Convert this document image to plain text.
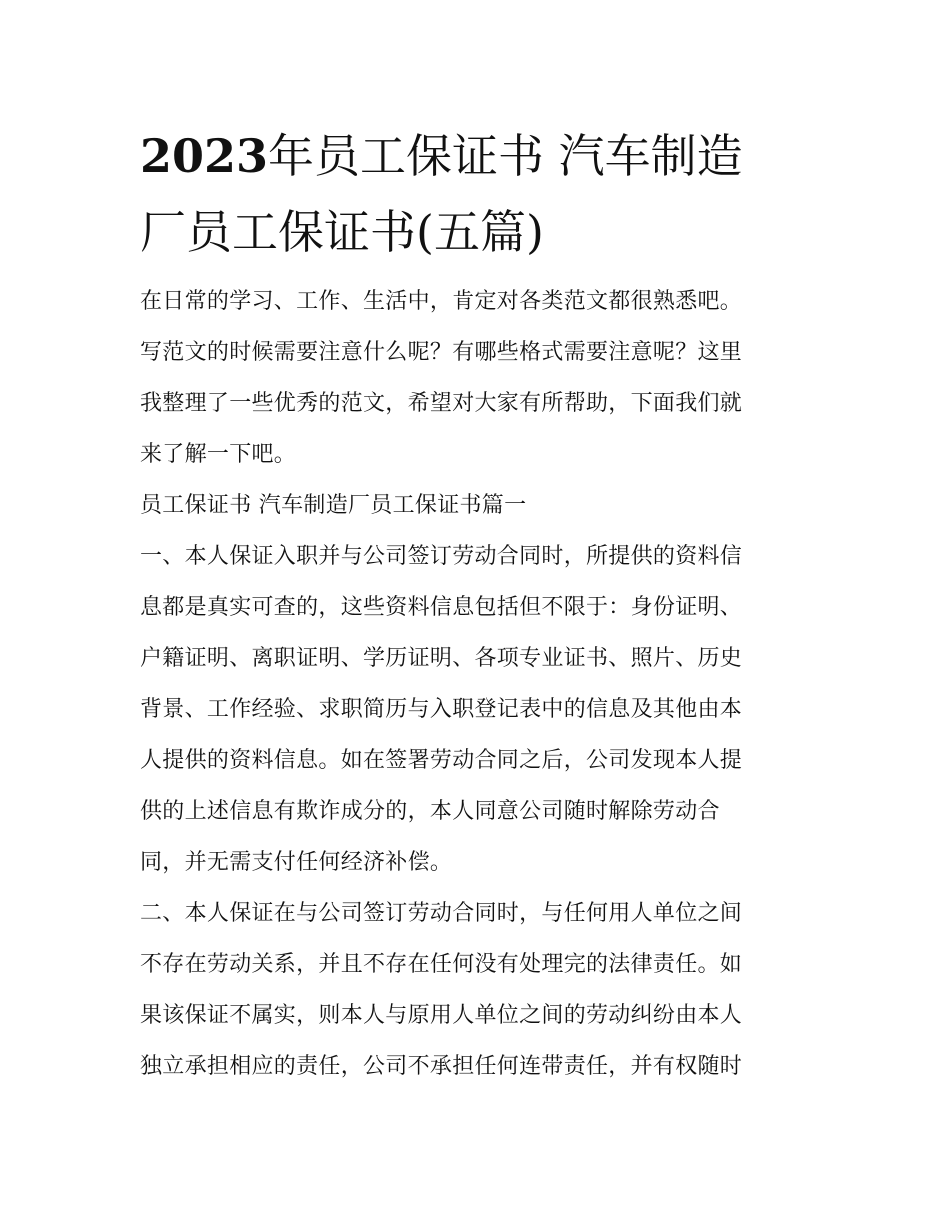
2023年员工保证书 汽车制造
厂员工保证书(五篇)
在日常的学习、工作、生活中，肯定对各类范文都很熟悉吧。
写范文的时候需要注意什么呢？有哪些格式需要注意呢？这里
我整理了一些优秀的范文，希望对大家有所帮助，下面我们就
来了解一下吧。
员工保证书 汽车制造厂员工保证书篇一
一、本人保证入职并与公司签订劳动合同时，所提供的资料信
息都是真实可查的，这些资料信息包括但不限于：身份证明、
户籍证明、离职证明、学历证明、各项专业证书、照片、历史
背景、工作经验、求职简历与入职登记表中的信息及其他由本
人提供的资料信息。如在签署劳动合同之后，公司发现本人提
供的上述信息有欺诈成分的，本人同意公司随时解除劳动合
同，并无需支付任何经济补偿。
二、本人保证在与公司签订劳动合同时，与任何用人单位之间
不存在劳动关系，并且不存在任何没有处理完的法律责任。如
果该保证不属实，则本人与原用人单位之间的劳动纠纷由本人
独立承担相应的责任，公司不承担任何连带责任，并有权随时
